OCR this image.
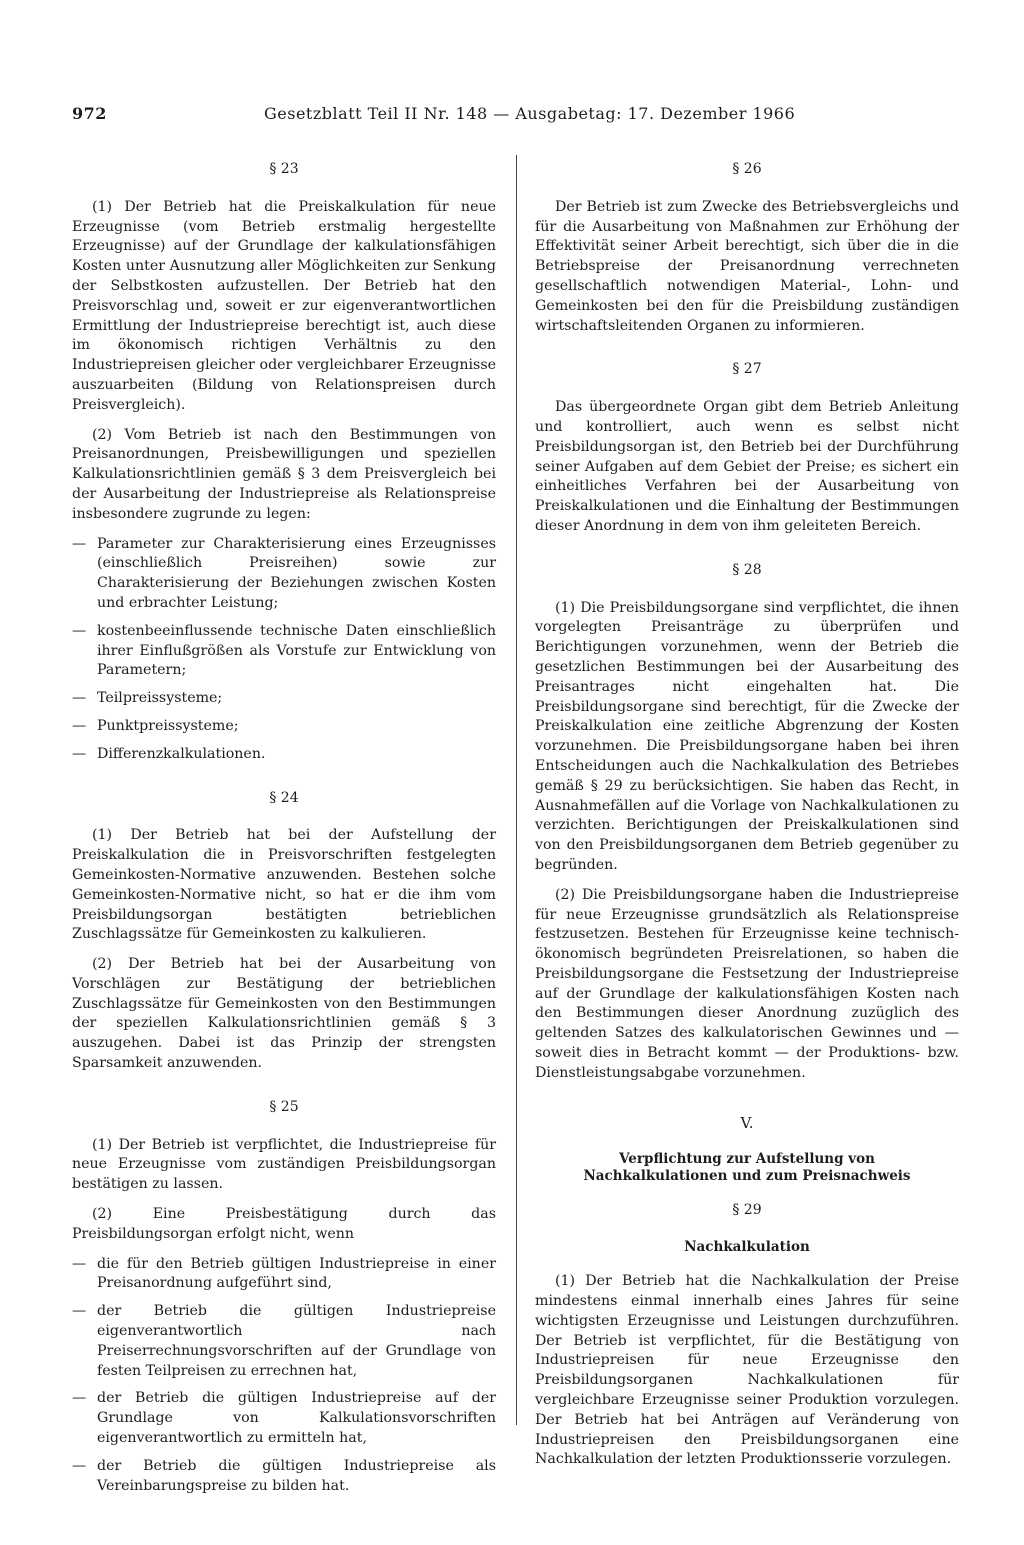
972	Gesetzblatt Teil II Nr. 148 — Ausgabetag: 17. Dezember 1966
§ 23

(1) Der Betrieb hat die Preiskalkulation für neue Erzeugnisse (vom Betrieb erstmalig hergestellte Erzeugnisse) auf der Grundlage der kalkulationsfähigen Kosten unter Ausnutzung aller Möglichkeiten zur Senkung der Selbstkosten aufzustellen. Der Betrieb hat den Preisvorschlag und, soweit er zur eigenverantwortlichen Ermittlung der Industriepreise berechtigt ist, auch diese im ökonomisch richtigen Verhältnis zu den Industriepreisen gleicher oder vergleichbarer Erzeugnisse auszuarbeiten (Bildung von Relationspreisen durch Preisvergleich).

(2) Vom Betrieb ist nach den Bestimmungen von Preisanordnungen, Preisbewilligungen und speziellen Kalkulationsrichtlinien gemäß § 3 dem Preisvergleich bei der Ausarbeitung der Industriepreise als Relationspreise insbesondere zugrunde zu legen:

— Parameter zur Charakterisierung eines Erzeugnisses (einschließlich Preisreihen) sowie zur Charakterisierung der Beziehungen zwischen Kosten und erbrachter Leistung;
— kostenbeeinflussende technische Daten einschließlich ihrer Einflußgrößen als Vorstufe zur Entwicklung von Parametern;
— Teilpreissysteme;
— Punktpreissysteme;
— Differenzkalkulationen.
§ 24

(1) Der Betrieb hat bei der Aufstellung der Preiskalkulation die in Preisvorschriften festgelegten Gemeinkosten-Normative anzuwenden. Bestehen solche Gemeinkosten-Normative nicht, so hat er die ihm vom Preisbildungsorgan bestätigten betrieblichen Zuschlagssätze für Gemeinkosten zu kalkulieren.

(2) Der Betrieb hat bei der Ausarbeitung von Vorschlägen zur Bestätigung der betrieblichen Zuschlagssätze für Gemeinkosten von den Bestimmungen der speziellen Kalkulationsrichtlinien gemäß § 3 auszugehen. Dabei ist das Prinzip der strengsten Sparsamkeit anzuwenden.

§ 25

(1) Der Betrieb ist verpflichtet, die Industriepreise für neue Erzeugnisse vom zuständigen Preisbildungsorgan bestätigen zu lassen.

(2) Eine Preisbestätigung durch das Preisbildungsorgan erfolgt nicht, wenn

— die für den Betrieb gültigen Industriepreise in einer Preisanordnung aufgeführt sind,
— der Betrieb die gültigen Industriepreise eigenverantwortlich nach Preiserrechnungsvorschriften auf der Grundlage von festen Teilpreisen zu errechnen hat,
— der Betrieb die gültigen Industriepreise auf der Grundlage von Kalkulationsvorschriften eigenverantwortlich zu ermitteln hat,
— der Betrieb die gültigen Industriepreise als Vereinbarungspreise zu bilden hat.
§ 26

Der Betrieb ist zum Zwecke des Betriebsvergleichs und für die Ausarbeitung von Maßnahmen zur Erhöhung der Effektivität seiner Arbeit berechtigt, sich über die in die Betriebspreise der Preisanordnung verrechneten gesellschaftlich notwendigen Material-, Lohn- und Gemeinkosten bei den für die Preisbildung zuständigen wirtschaftsleitenden Organen zu informieren.

§ 27

Das übergeordnete Organ gibt dem Betrieb Anleitung und kontrolliert, auch wenn es selbst nicht Preisbildungsorgan ist, den Betrieb bei der Durchführung seiner Aufgaben auf dem Gebiet der Preise; es sichert ein einheitliches Verfahren bei der Ausarbeitung von Preiskalkulationen und die Einhaltung der Bestimmungen dieser Anordnung in dem von ihm geleiteten Bereich.

§ 28

(1) Die Preisbildungsorgane sind verpflichtet, die ihnen vorgelegten Preisanträge zu überprüfen und Berichtigungen vorzunehmen, wenn der Betrieb die gesetzlichen Bestimmungen bei der Ausarbeitung des Preisantrages nicht eingehalten hat. Die Preisbildungsorgane sind berechtigt, für die Zwecke der Preiskalkulation eine zeitliche Abgrenzung der Kosten vorzunehmen. Die Preisbildungsorgane haben bei ihren Entscheidungen auch die Nachkalkulation des Betriebes gemäß § 29 zu berücksichtigen. Sie haben das Recht, in Ausnahmefällen auf die Vorlage von Nachkalkulationen zu verzichten. Berichtigungen der Preiskalkulationen sind von den Preisbildungsorganen dem Betrieb gegenüber zu begründen.

(2) Die Preisbildungsorgane haben die Industriepreise für neue Erzeugnisse grundsätzlich als Relationspreise festzusetzen. Bestehen für Erzeugnisse keine technisch-ökonomisch begründeten Preisrelationen, so haben die Preisbildungsorgane die Festsetzung der Industriepreise auf der Grundlage der kalkulationsfähigen Kosten nach den Bestimmungen dieser Anordnung zuzüglich des geltenden Satzes des kalkulatorischen Gewinnes und — soweit dies in Betracht kommt — der Produktions- bzw. Dienstleistungsabgabe vorzunehmen.

V.
Verpflichtung zur Aufstellung von Nachkalkulationen und zum Preisnachweis
§ 29
Nachkalkulation

(1) Der Betrieb hat die Nachkalkulation der Preise mindestens einmal innerhalb eines Jahres für seine wichtigsten Erzeugnisse und Leistungen durchzuführen. Der Betrieb ist verpflichtet, für die Bestätigung von Industriepreisen für neue Erzeugnisse den Preisbildungsorganen Nachkalkulationen für vergleichbare Erzeugnisse seiner Produktion vorzulegen. Der Betrieb hat bei Anträgen auf Veränderung von Industriepreisen den Preisbildungsorganen eine Nachkalkulation der letzten Produktionsserie vorzulegen.
